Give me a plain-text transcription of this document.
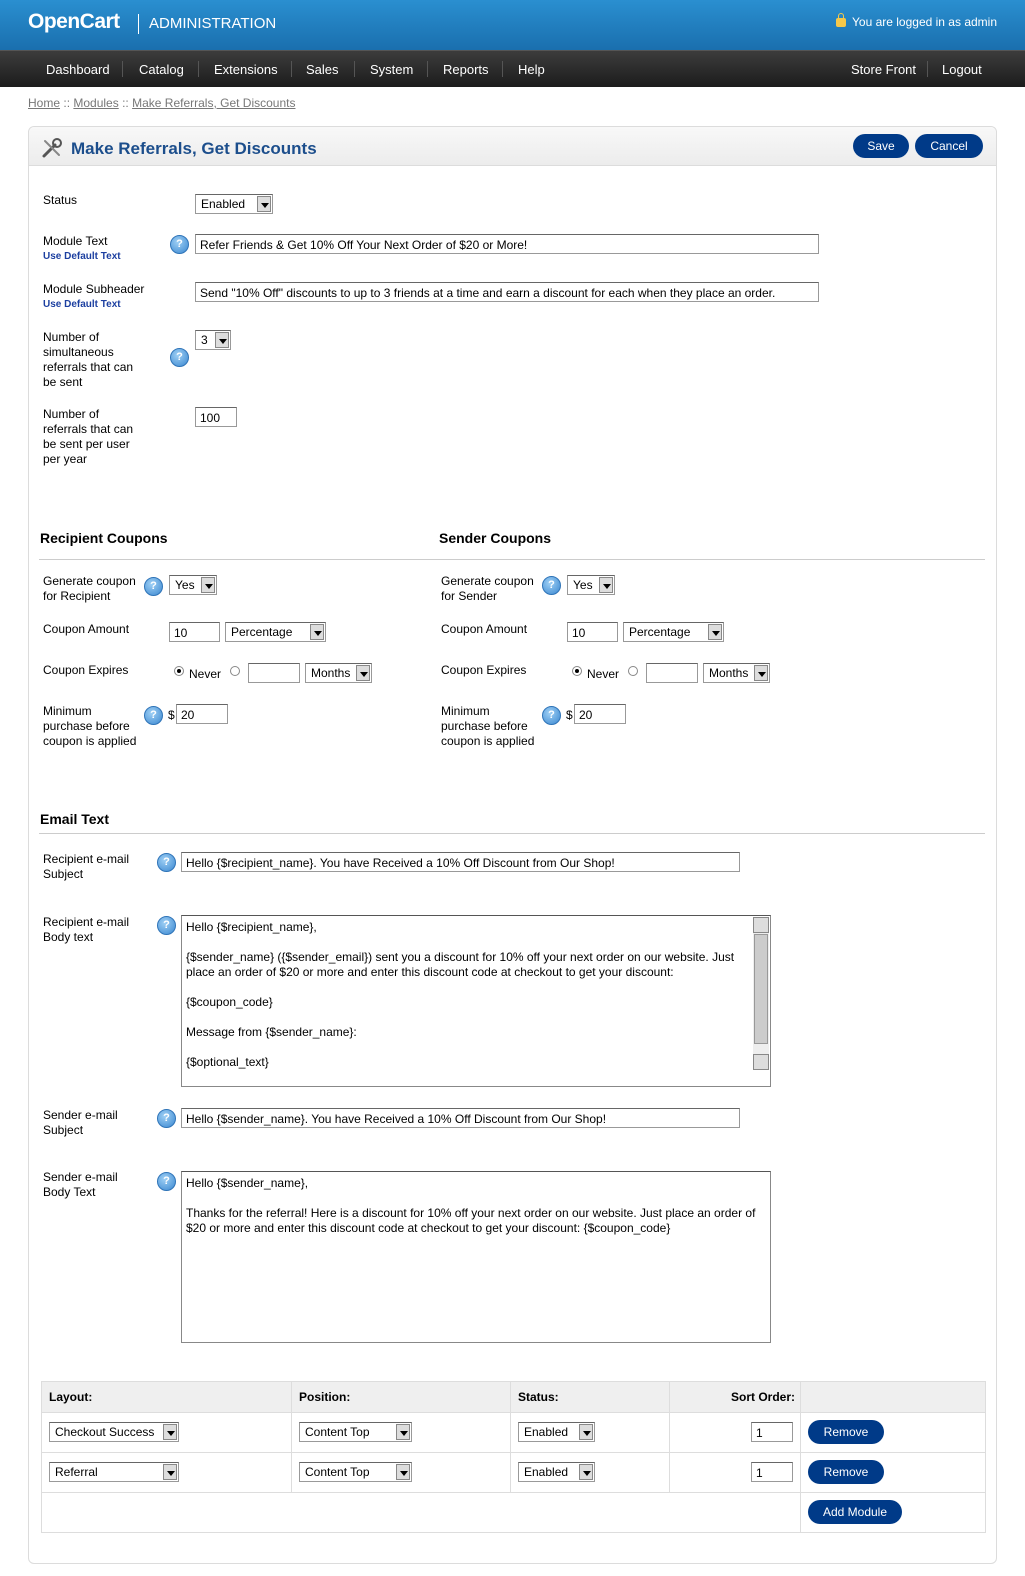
OpenCart ADMINISTRATION	You are logged in as admin
Dashboard Catalog Extensions Sales System Reports Help	Store Front Logout
Home :: Modules :: Make Referrals, Get Discounts
Make Referrals, Get Discounts	Save	Cancel
Status	Enabled
Module Text
Use Default Text
?	Refer Friends & Get 10% Off Your Next Order of $20 or More!
Module Subheader
Use Default Text
Send "10% Off" discounts to up to 3 friends at a time and earn a discount for each when they place an order.
Number of simultaneous referrals that can be sent
?
3
Number of referrals that can be sent per user per year
100
Recipient Coupons	Sender Coupons
Generate coupon for Recipient
?	Yes
Coupon Amount	10	Percentage
Coupon Expires	Never	Months
Minimum purchase before coupon is applied
? $ 20
Generate coupon for Sender
?	Yes
Coupon Amount	10	Percentage
Coupon Expires	Never	Months
Minimum purchase before coupon is applied
? $ 20
Email Text
Recipient e-mail Subject
?	Hello {$recipient_name}. You have Received a 10% Off Discount from Our Shop!
Recipient e-mail Body text
?	Hello {$recipient_name},

{$sender_name} ({$sender_email}) sent you a discount for 10% off your next order on our website. Just place an order of $20 or more and enter this discount code at checkout to get your discount:

{$coupon_code}

Message from {$sender_name}:

{$optional_text}

Sender e-mail Subject
?	Hello {$sender_name}. You have Received a 10% Off Discount from Our Shop!
Sender e-mail Body Text
?	Hello {$sender_name},

Thanks for the referral! Here is a discount for 10% off your next order on our website. Just place an order of $20 or more and enter this discount code at checkout to get your discount: {$coupon_code}

Layout:	Position:	Status:	Sort Order:
Checkout Success	Content Top	Enabled	1	Remove
Referral	Content Top	Enabled	1	Remove
Add Module
